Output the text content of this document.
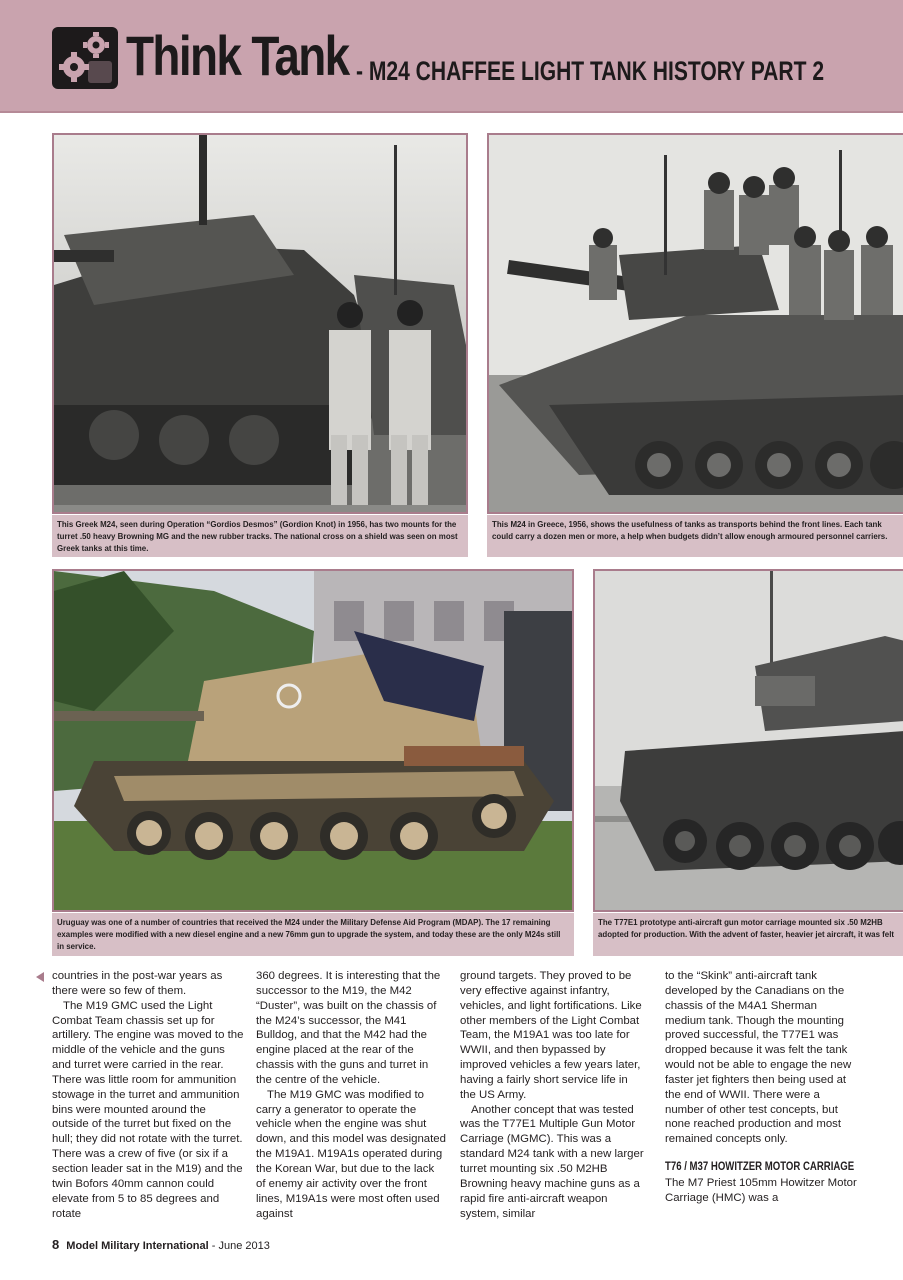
Think Tank - M24 CHAFFEE LIGHT TANK HISTORY PART 2
This Greek M24, seen during Operation “Gordios Desmos” (Gordion Knot) in 1956, has two mounts for the turret .50 heavy Browning MG and the new rubber tracks. The national cross on a shield was seen on most Greek tanks at this time.
This M24 in Greece, 1956, shows the usefulness of tanks as transports behind the front lines. Each tank could carry a dozen men or more, a help when budgets didn’t allow enough armoured personnel carriers.
Uruguay was one of a number of countries that received the M24 under the Military Defense Aid Program (MDAP). The 17 remaining examples were modified with a new diesel engine and a new 76mm gun to upgrade the system, and today these are the only M24s still in service.
The T77E1 prototype anti-aircraft gun motor carriage mounted six .50 M2HB adopted for production. With the advent of faster, heavier jet aircraft, it was felt

countries in the post-war years as there were so few of them.

The M19 GMC used the Light Combat Team chassis set up for artillery. The engine was moved to the middle of the vehicle and the guns and turret were carried in the rear. There was little room for ammunition stowage in the turret and ammunition bins were mounted around the outside of the turret but fixed on the hull; they did not rotate with the turret. There was a crew of five (or six if a section leader sat in the M19) and the twin Bofors 40mm cannon could elevate from 5 to 85 degrees and rotate

360 degrees. It is interesting that the successor to the M19, the M42 “Duster”, was built on the chassis of the M24’s successor, the M41 Bulldog, and that the M42 had the engine placed at the rear of the chassis with the guns and turret in the centre of the vehicle.

The M19 GMC was modified to carry a generator to operate the vehicle when the engine was shut down, and this model was designated the M19A1. M19A1s operated during the Korean War, but due to the lack of enemy air activity over the front lines, M19A1s were most often used against

ground targets. They proved to be very effective against infantry, vehicles, and light fortifications. Like other members of the Light Combat Team, the M19A1 was too late for WWII, and then bypassed by improved vehicles a few years later, having a fairly short service life in the US Army.

Another concept that was tested was the T77E1 Multiple Gun Motor Carriage (MGMC). This was a standard M24 tank with a new larger turret mounting six .50 M2HB Browning heavy machine guns as a rapid fire anti-aircraft weapon system, similar

to the “Skink” anti-aircraft tank developed by the Canadians on the chassis of the M4A1 Sherman medium tank. Though the mounting proved successful, the T77E1 was dropped because it was felt the tank would not be able to engage the new faster jet fighters then being used at the end of WWII. There were a number of other test concepts, but none reached production and most remained concepts only.

T76 / M37 HOWITZER MOTOR CARRIAGE

The M7 Priest 105mm Howitzer Motor Carriage (HMC) was a

8 Model Military International - June 2013
